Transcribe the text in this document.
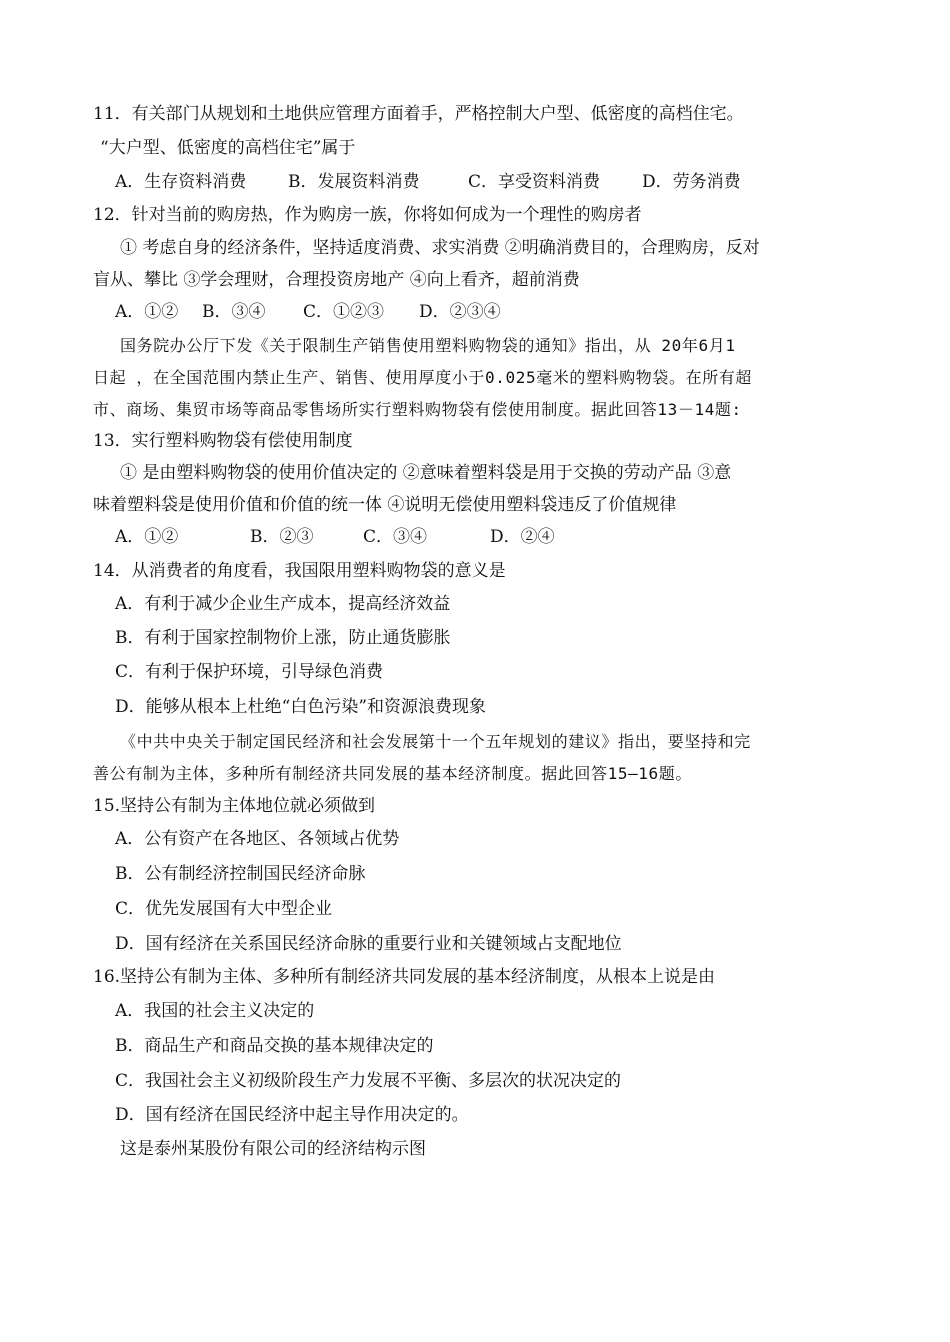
11．有关部门从规划和土地供应管理方面着手，严格控制大户型、低密度的高档住宅。
“大户型、低密度的高档住宅”属于
A．生存资料消费 B．发展资料消费	C．享受资料消费 D．劳务消费
12．针对当前的购房热，作为购房一族，你将如何成为一个理性的购房者
① 考虑自身的经济条件，坚持适度消费、求实消费 ②明确消费目的，合理购房，反对
盲从、攀比 ③学会理财，合理投资房地产 ④向上看齐，超前消费
A．①② B．③④ C．①②③ D．②③④
国务院办公厅下发《关于限制生产销售使用塑料购物袋的通知》指出，从 20年6月1
日起 ，在全国范围内禁止生产、销售、使用厚度小于0.025毫米的塑料购物袋。在所有超
市、商场、集贸市场等商品零售场所实行塑料购物袋有偿使用制度。据此回答13－14题:
13．实行塑料购物袋有偿使用制度
① 是由塑料购物袋的使用价值决定的 ②意味着塑料袋是用于交换的劳动产品 ③意
味着塑料袋是使用价值和价值的统一体 ④说明无偿使用塑料袋违反了价值规律
A．①②	B．②③	C．③④	D．②④
14．从消费者的角度看，我国限用塑料购物袋的意义是
A．有利于减少企业生产成本，提高经济效益
B．有利于国家控制物价上涨，防止通货膨胀
C．有利于保护环境，引导绿色消费
D．能够从根本上杜绝“白色污染”和资源浪费现象
《中共中央关于制定国民经济和社会发展第十一个五年规划的建议》指出，要坚持和完
善公有制为主体，多种所有制经济共同发展的基本经济制度。据此回答15—16题。
15.坚持公有制为主体地位就必须做到
A．公有资产在各地区、各领域占优势
B．公有制经济控制国民经济命脉
C．优先发展国有大中型企业
D．国有经济在关系国民经济命脉的重要行业和关键领域占支配地位
16.坚持公有制为主体、多种所有制经济共同发展的基本经济制度，从根本上说是由
A．我国的社会主义决定的
B．商品生产和商品交换的基本规律决定的
C．我国社会主义初级阶段生产力发展不平衡、多层次的状况决定的
D．国有经济在国民经济中起主导作用决定的。
这是泰州某股份有限公司的经济结构示图
